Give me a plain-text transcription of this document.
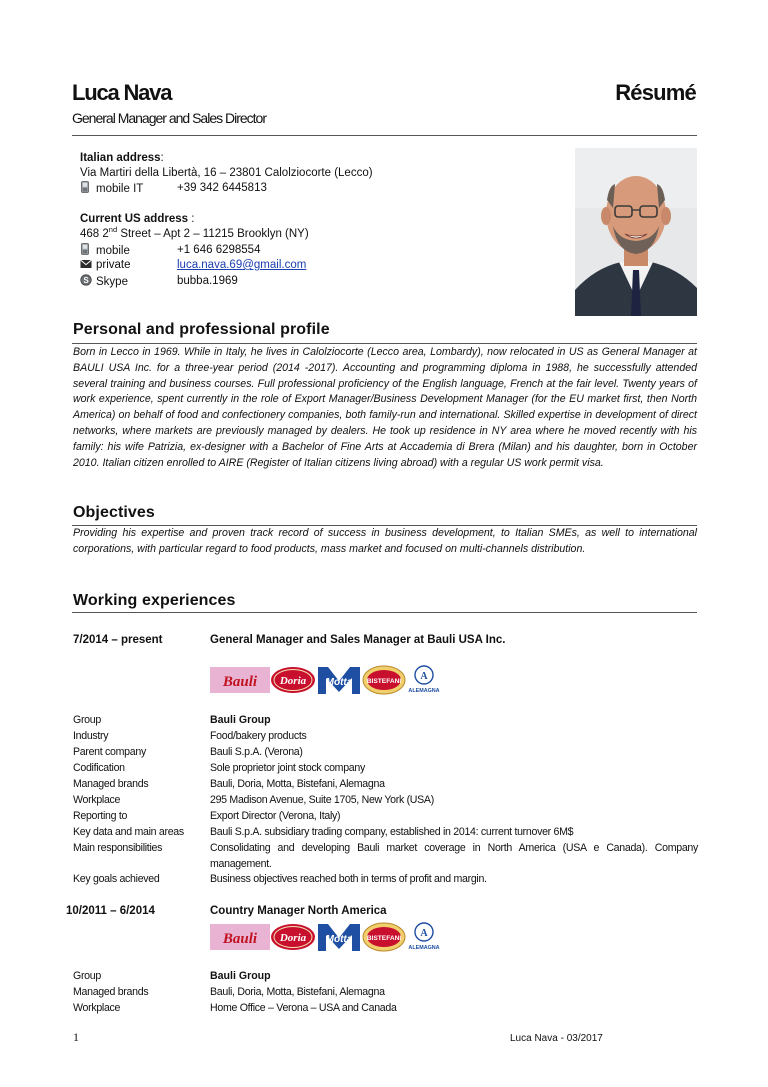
Luca Nava	Résumé
General Manager and Sales Director
Italian address:
Via Martiri della Libertà, 16 – 23801 Calolziocorte (Lecco)
mobile IT	+39 342 6445813
Current US address :
468 2nd Street – Apt 2 – 11215 Brooklyn (NY)
mobile	+1 646 6298554
private	luca.nava.69@gmail.com
S Skype	bubba.1969
Personal and professional profile
Born in Lecco in 1969. While in Italy, he lives in Calolziocorte (Lecco area, Lombardy), now relocated in US as General Manager at BAULI USA Inc. for a three-year period (2014 -2017). Accounting and programming diploma in 1988, he successfully attended several training and business courses. Full professional proficiency of the English language, French at the fair level. Twenty years of work experience, spent currently in the role of Export Manager/Business Development Manager (for the EU market first, then North America) on behalf of food and confectionery companies, both family-run and international. Skilled expertise in development of direct networks, where markets are previously managed by dealers. He took up residence in NY area where he moved recently with his family: his wife Patrizia, ex-designer with a Bachelor of Fine Arts at Accademia di Brera (Milan) and his daughter, born in October 2010. Italian citizen enrolled to AIRE (Register of Italian citizens living abroad) with a regular US work permit visa.
Objectives
Providing his expertise and proven track record of success in business development, to Italian SMEs, as well to international corporations, with particular regard to food products, mass market and focused on multi-channels distribution.
Working experiences
7/2014 – present	General Manager and Sales Manager at Bauli USA Inc.
Bauli Doria Motta BISTEFANI A
ALEMAGNA
Group	Bauli Group
Industry	Food/bakery products
Parent company	Bauli S.p.A. (Verona)
Codification	Sole proprietor joint stock company
Managed brands	Bauli, Doria, Motta, Bistefani, Alemagna
Workplace	295 Madison Avenue, Suite 1705, New York (USA)
Reporting to	Export Director (Verona, Italy)
Key data and main areas	Bauli S.p.A. subsidiary trading company, established in 2014: current turnover 6M$
Main responsibilities	Consolidating and developing Bauli market coverage in North America (USA e Canada). Company management.
Key goals achieved	Business objectives reached both in terms of profit and margin.
10/2011 – 6/2014	Country Manager North America
Bauli Doria Motta BISTEFANI A
ALEMAGNA
Group	Bauli Group
Managed brands	Bauli, Doria, Motta, Bistefani, Alemagna
Workplace	Home Office – Verona – USA and Canada
1	Luca Nava - 03/2017
